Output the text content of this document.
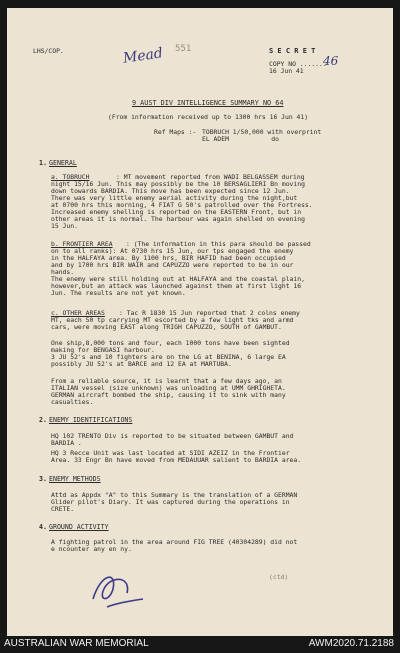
LHS/COP.	Mead 551	S E C R E T
COPY NO .......
46
16 Jun 41
9 AUST DIV INTELLIGENCE SUMMARY NO 64
(From information received up to 1300 hrs 16 Jun 41)
Ref Maps :- TOBRUCH 1/50,000 with overprint
EL ADEM           do
1. GENERAL
a. TOBRUCH	: MT movement reported from WADI BELGASSEM during
night 15/16 Jun. This may possibly be the 10 BERSAGLIERI Bn moving
down towards BARDIA. This move has been expected since 12 Jun.
There was very little enemy aerial activity during the night,but
at 0700 hrs this morning, 4 FIAT G 50's patrolled over the Fortress.
Increased enemy shelling is reported on the EASTERN Front, but in
other areas it is normal. The harbour was again shelled on evening
15 Jun.
b. FRONTIER AREA : (The information in this para should be passed
on to all ranks): At 0730 hrs 15 Jun, our tps engaged the enemy
in the HALFAYA area. By 1100 hrs, BIR HAFID had been occupied
and by 1700 hrs BIR WAIR and CAPUZZO were reported to be in our
hands.
The enemy were still holding out at HALFAYA and the coastal plain,
however,but an attack was launched against them at first light 16
Jun. The results are not yet known.
c. OTHER AREAS : Tac R 1830 15 Jun reported that 2 colns enemy
MT, each 50 tp carrying MT escorted by a few light tks and armd
cars, were moving EAST along TRIGH CAPUZZO, SOUTH of GAMBUT.
One ship,8,000 tons and four, each 1000 tons have been sighted
making for BENGASI harbour.
3 JU 52's and 10 fighters are on the LG at BENINA, 6 large EA
possibly JU 52's at BARCE and 12 EA at MARTUBA.
From a reliable source, it is learnt that a few days ago, an
ITALIAN vessel (size unknown) was unloading at UMM GHRIGHETA.
GERMAN aircraft bombed the ship, causing it to sink with many
casualties.
2. ENEMY IDENTIFICATIONS
HQ 102 TRENTO Div is reported to be situated between GAMBUT and
BARDIA .
HQ 3 Recce Unit was last located at SIDI AZEIZ in the Frontier
Area. 33 Engr Bn have moved from MEDAUUAR salient to BARDIA area.
3. ENEMY METHODS
Attd as Appdx "A" to this Summary is the translation of a GERMAN
Glider pilot's Diary. It was captured during the operations in
CRETE.
4. GROUND ACTIVITY
A fighting patrol in the area around FIG TREE (40304289) did not
e ncounter any en ny.
(ctd)
AUSTRALIAN WAR MEMORIAL	AWM2020.71.2188
